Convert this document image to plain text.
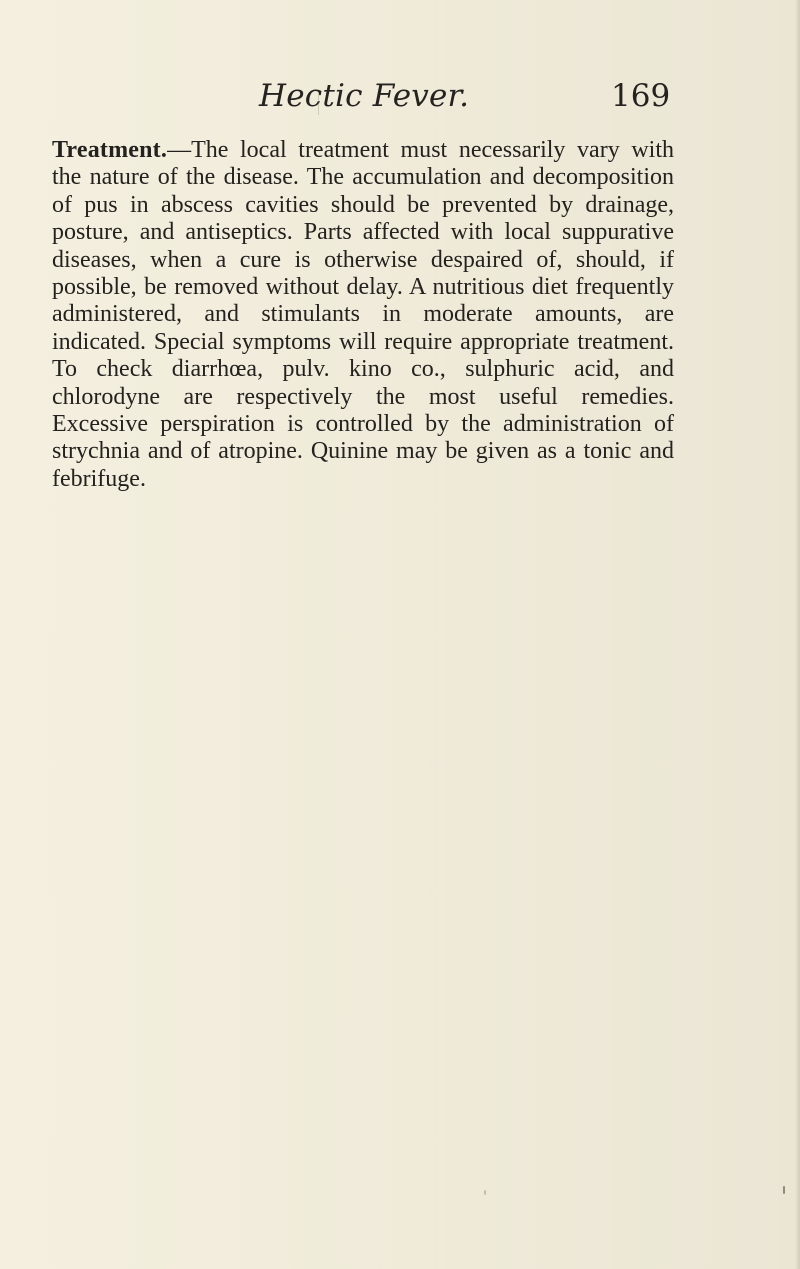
Hectic Fever.	169

Treatment.—The local treatment must necessarily vary with the nature of the disease. The accumulation and decomposition of pus in abscess cavities should be prevented by drainage, posture, and antiseptics. Parts affected with local suppurative diseases, when a cure is otherwise despaired of, should, if possible, be removed without delay. A nutritious diet frequently administered, and stimulants in moderate amounts, are indicated. Special symptoms will require appropriate treatment. To check diarrhœa, pulv. kino co., sulphuric acid, and chlorodyne are respectively the most useful remedies. Excessive perspiration is controlled by the administration of strychnia and of atropine. Quinine may be given as a tonic and febrifuge.
